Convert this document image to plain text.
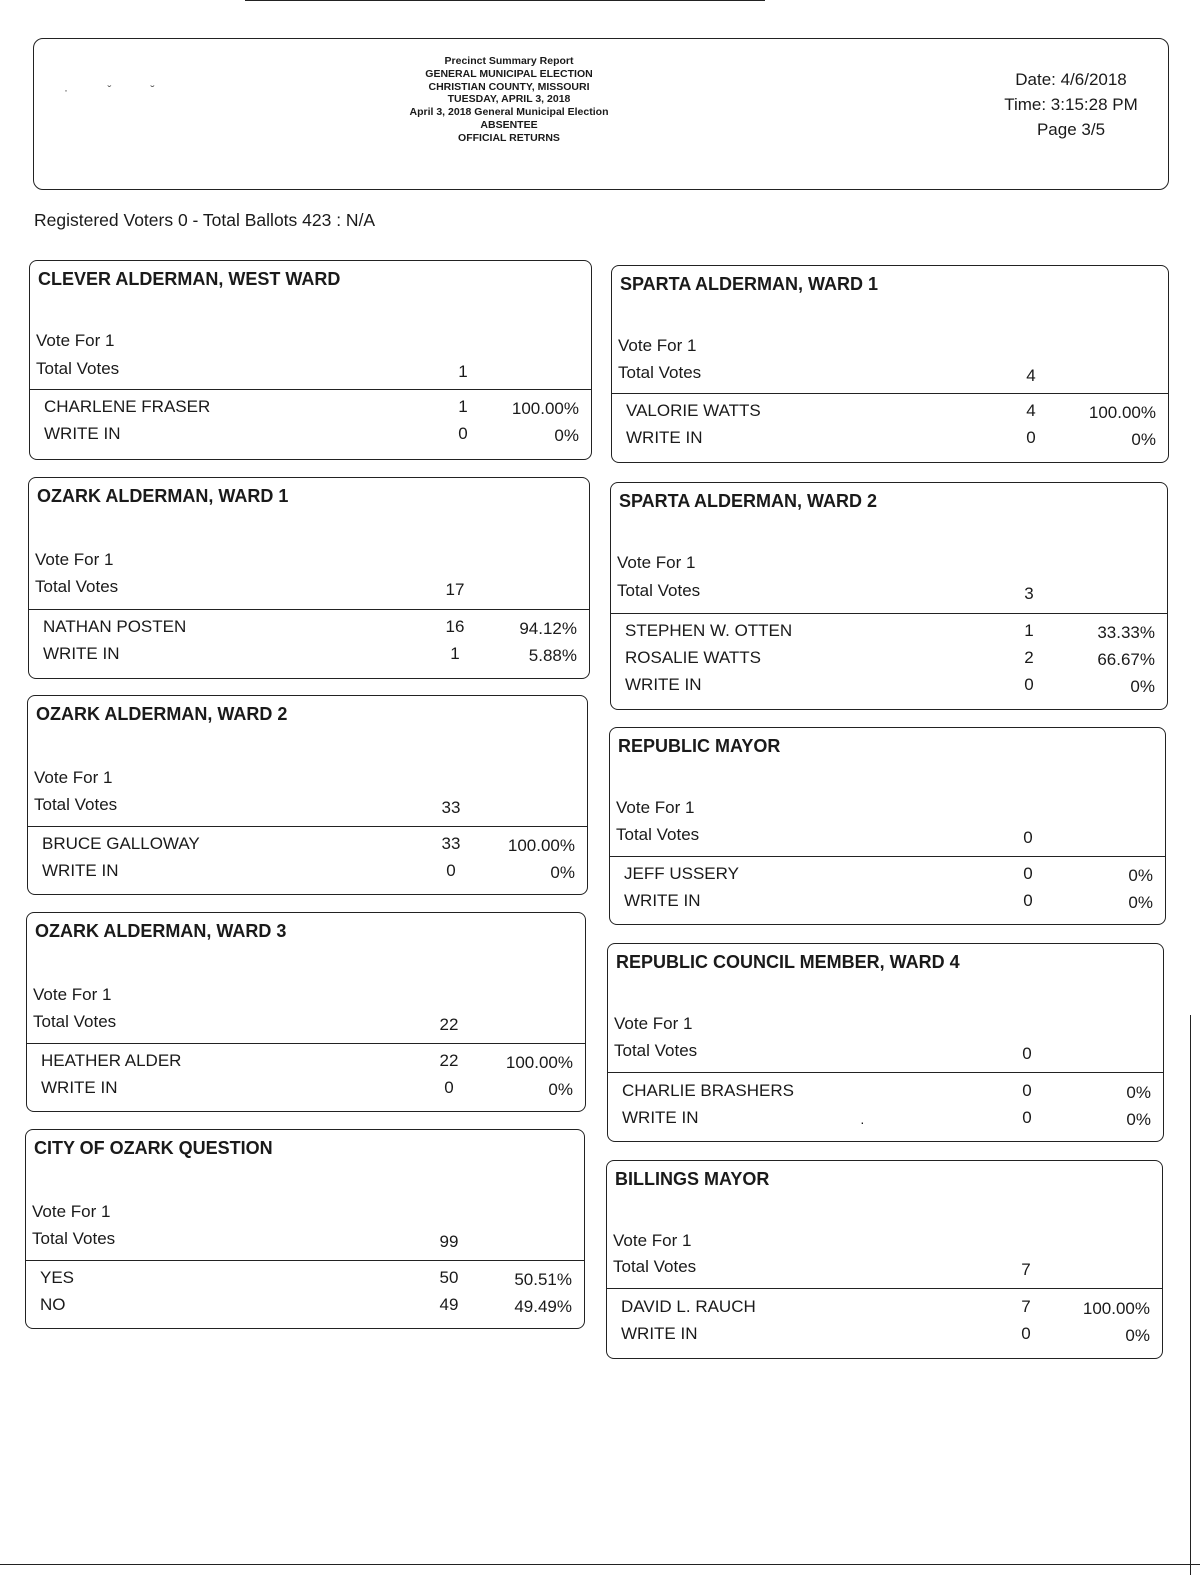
· ˇ ˘
Precinct Summary Report
GENERAL MUNICIPAL ELECTION
CHRISTIAN COUNTY, MISSOURI
TUESDAY, APRIL 3, 2018
April 3, 2018 General Municipal Election
ABSENTEE
OFFICIAL RETURNS
Date: 4/6/2018
Time: 3:15:28 PM
Page 3/5
Registered Voters 0 - Total Ballots 423 : N/A
CLEVER ALDERMAN, WEST WARD
Vote For 1
Total Votes	1
CHARLENE FRASER	1	100.00%
WRITE IN	0	0%
OZARK ALDERMAN, WARD 1
Vote For 1
Total Votes	17
NATHAN POSTEN	16	94.12%
WRITE IN	1	5.88%
OZARK ALDERMAN, WARD 2
Vote For 1
Total Votes	33
BRUCE GALLOWAY	33	100.00%
WRITE IN	0	0%
OZARK ALDERMAN, WARD 3
Vote For 1
Total Votes	22
HEATHER ALDER	22	100.00%
WRITE IN	0	0%
CITY OF OZARK QUESTION
Vote For 1
Total Votes	99
YES	50	50.51%
NO	49	49.49%
SPARTA ALDERMAN, WARD 1
Vote For 1
Total Votes	4
VALORIE WATTS	4	100.00%
WRITE IN	0	0%
SPARTA ALDERMAN, WARD 2
Vote For 1
Total Votes	3
STEPHEN W. OTTEN	1	33.33%
ROSALIE WATTS	2	66.67%
WRITE IN	0	0%
REPUBLIC MAYOR
Vote For 1
Total Votes	0
JEFF USSERY	0	0%
WRITE IN	0	0%
REPUBLIC COUNCIL MEMBER, WARD 4
Vote For 1
Total Votes	0
CHARLIE BRASHERS	0	0%
WRITE IN	0	0%
BILLINGS MAYOR
Vote For 1
Total Votes	7
DAVID L. RAUCH	7	100.00%
WRITE IN	0	0%
·
